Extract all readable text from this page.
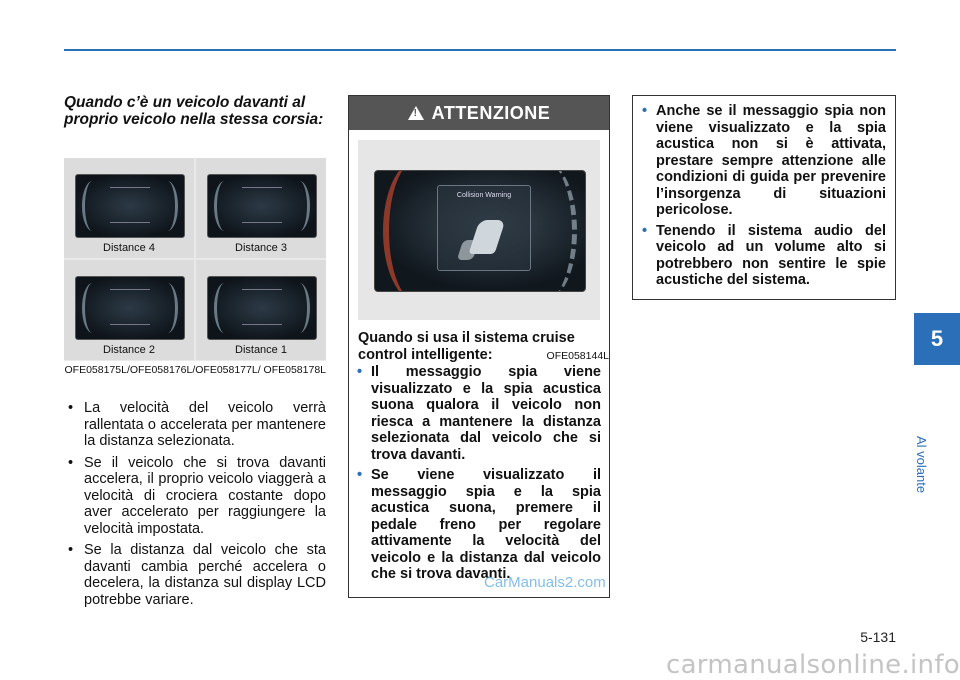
Quando c’è un veicolo davanti al proprio veicolo nella stessa corsia:
Distance 4	Distance 3
Distance 2	Distance 1
OFE058175L/OFE058176L/OFE058177L/ OFE058178L
• La velocità del veicolo verrà rallentata o accelerata per mantenere la distanza selezionata.
• Se il veicolo che si trova davanti accelera, il proprio veicolo viaggerà a velocità di crociera costante dopo aver accelerato per raggiungere la velocità impostata.
• Se la distanza dal veicolo che sta davanti cambia perché accelera o decelera, la distanza sul display LCD potrebbe variare.
! ATTENZIONE
Collision Warning
OFE058144L
Quando si usa il sistema cruise control intelligente:
• Il messaggio spia viene visualizzato e la spia acustica suona qualora il veicolo non riesca a mantenere la distanza selezionata dal veicolo che si trova davanti.
• Se viene visualizzato il messaggio spia e la spia acustica suona, premere il pedale freno per regolare attivamente la velocità del veicolo e la distanza dal veicolo che si trova davanti.
CarManuals2.com
• Anche se il messaggio spia non viene visualizzato e la spia acustica non si è attivata, prestare sempre attenzione alle condizioni di guida per prevenire l’insorgenza di situazioni pericolose.
• Tenendo il sistema audio del veicolo ad un volume alto si potrebbero non sentire le spie acustiche del sistema.
5
Al volante
5-131
carmanualsonline.info
